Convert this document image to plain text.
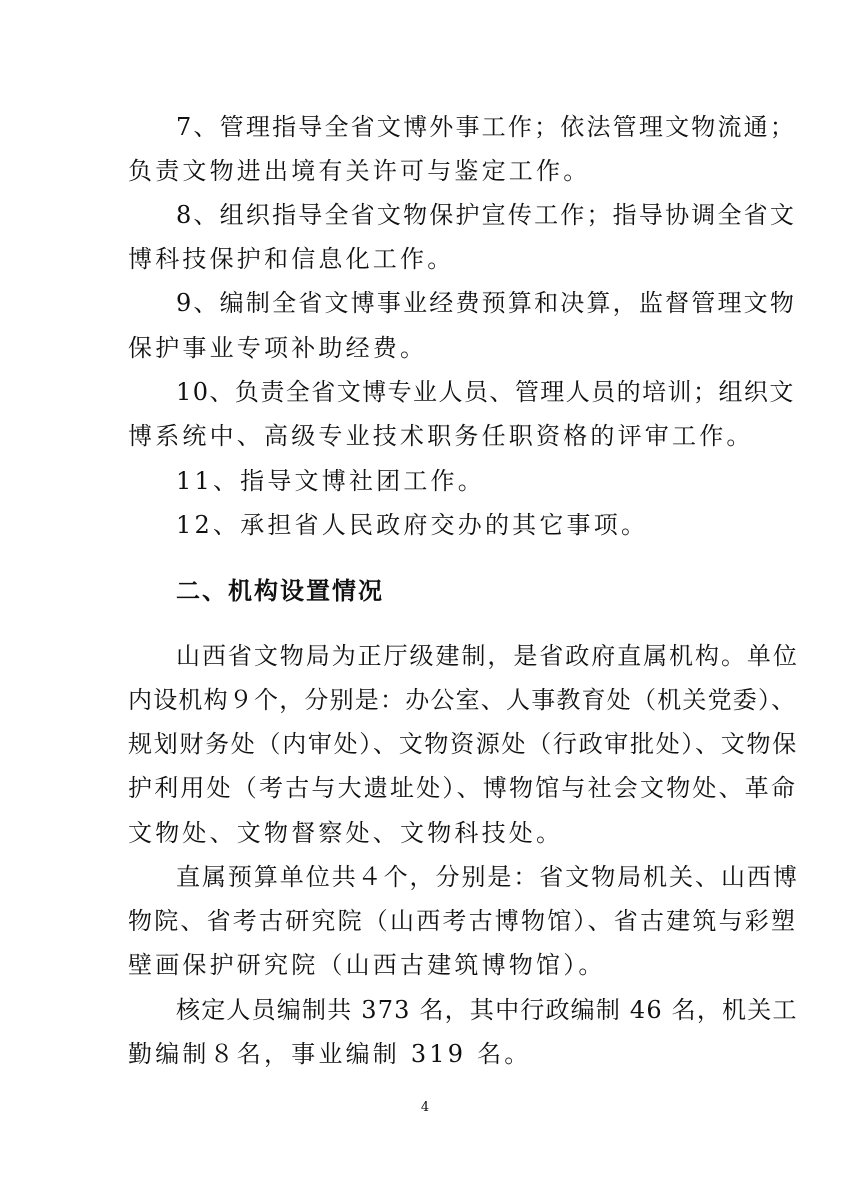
7、管理指导全省文博外事工作；依法管理文物流通；
负责文物进出境有关许可与鉴定工作。
8、组织指导全省文物保护宣传工作；指导协调全省文
博科技保护和信息化工作。
9、编制全省文博事业经费预算和决算，监督管理文物
保护事业专项补助经费。
10、负责全省文博专业人员、管理人员的培训；组织文
博系统中、高级专业技术职务任职资格的评审工作。
11、指导文博社团工作。
12、承担省人民政府交办的其它事项。
二、机构设置情况
山西省文物局为正厅级建制，是省政府直属机构。单位
内设机构９个，分别是：办公室、人事教育处（机关党委）、
规划财务处（内审处）、文物资源处（行政审批处）、文物保
护利用处（考古与大遗址处）、博物馆与社会文物处、革命
文物处、文物督察处、文物科技处。
直属预算单位共４个，分别是：省文物局机关、山西博
物院、省考古研究院（山西考古博物馆）、省古建筑与彩塑
壁画保护研究院（山西古建筑博物馆）。
核定人员编制共 373 名，其中行政编制 46 名，机关工
勤编制８名，事业编制 319 名。
4
